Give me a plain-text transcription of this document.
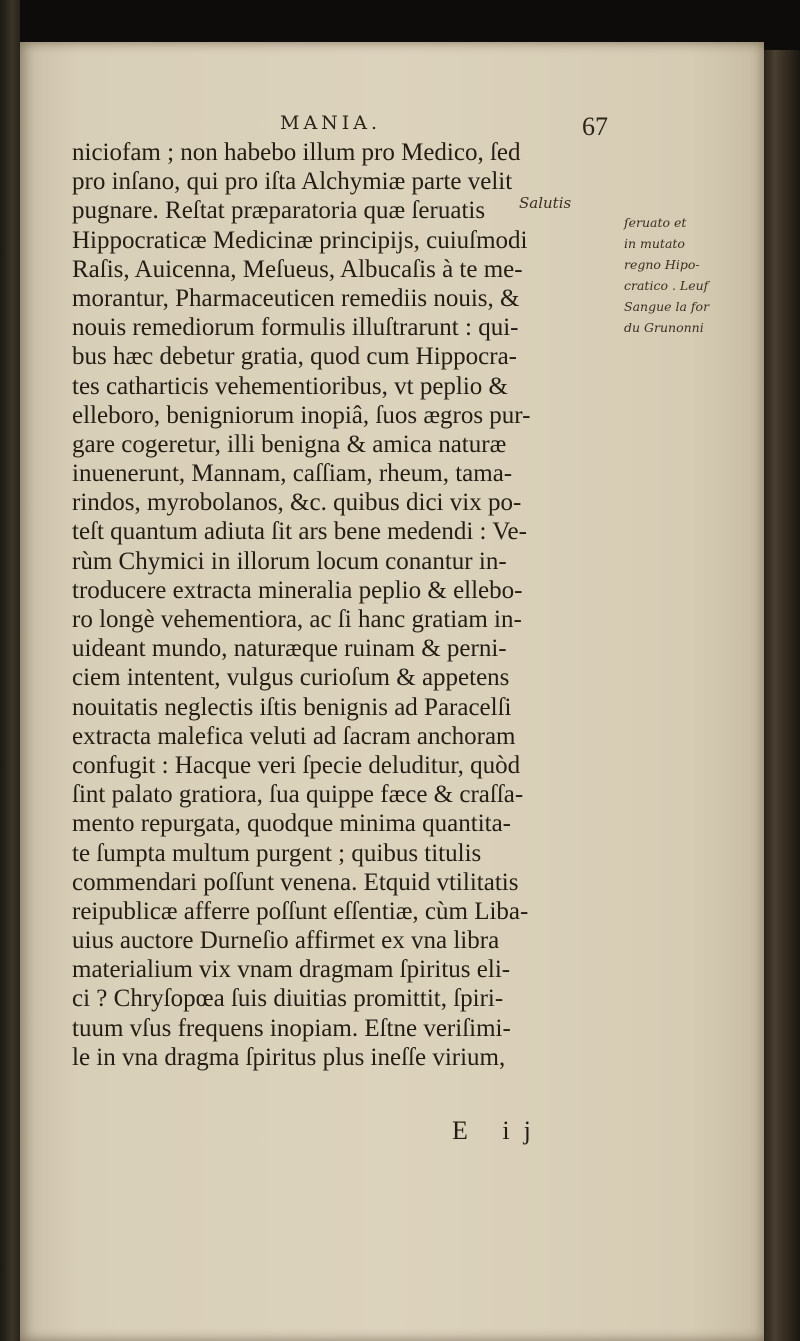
MANIA.	67
niciofam ; non habebo illum pro Medico, ſed
pro inſano, qui pro iſta Alchymiæ parte velit
pugnare. Reſtat præparatoria quæ ſeruatis
Hippocraticæ Medicinæ principijs, cuiuſmodi
Raſis, Auicenna, Meſueus, Albucaſis à te me-
morantur, Pharmaceuticen remediis nouis, &
nouis remediorum formulis illuſtrarunt : qui-
bus hæc debetur gratia, quod cum Hippocra-
tes catharticis vehementioribus, vt peplio &
elleboro, benigniorum inopiâ, ſuos ægros pur-
gare cogeretur, illi benigna & amica naturæ
inuenerunt, Mannam, caſſiam, rheum, tama-
rindos, myrobolanos, &c. quibus dici vix po-
teſt quantum adiuta ſit ars bene medendi : Ve-
rùm Chymici in illorum locum conantur in-
troducere extracta mineralia peplio & ellebo-
ro longè vehementiora, ac ſi hanc gratiam in-
uideant mundo, naturæque ruinam & perni-
ciem intentent, vulgus curioſum & appetens
nouitatis neglectis iſtis benignis ad Paracelſi
extracta malefica veluti ad ſacram anchoram
confugit : Hacque veri ſpecie deluditur, quòd
ſint palato gratiora, ſua quippe fæce & craſſa-
mento repurgata, quodque minima quantita-
te ſumpta multum purgent ; quibus titulis
commendari poſſunt venena. Etquid vtilitatis
reipublicæ afferre poſſunt eſſentiæ, cùm Liba-
uius auctore Durneſio affirmet ex vna libra
materialium vix vnam dragmam ſpiritus eli-
ci ? Chryſopœa ſuis diuitias promittit, ſpiri-
tuum vſus frequens inopiam. Eſtne veriſimi-
le in vna dragma ſpiritus plus ineſſe virium,
Salutis
ſeruato et
in mutato
regno Hipo-
cratico . Leuf
Sangue la for
du Grunonni
E ij
